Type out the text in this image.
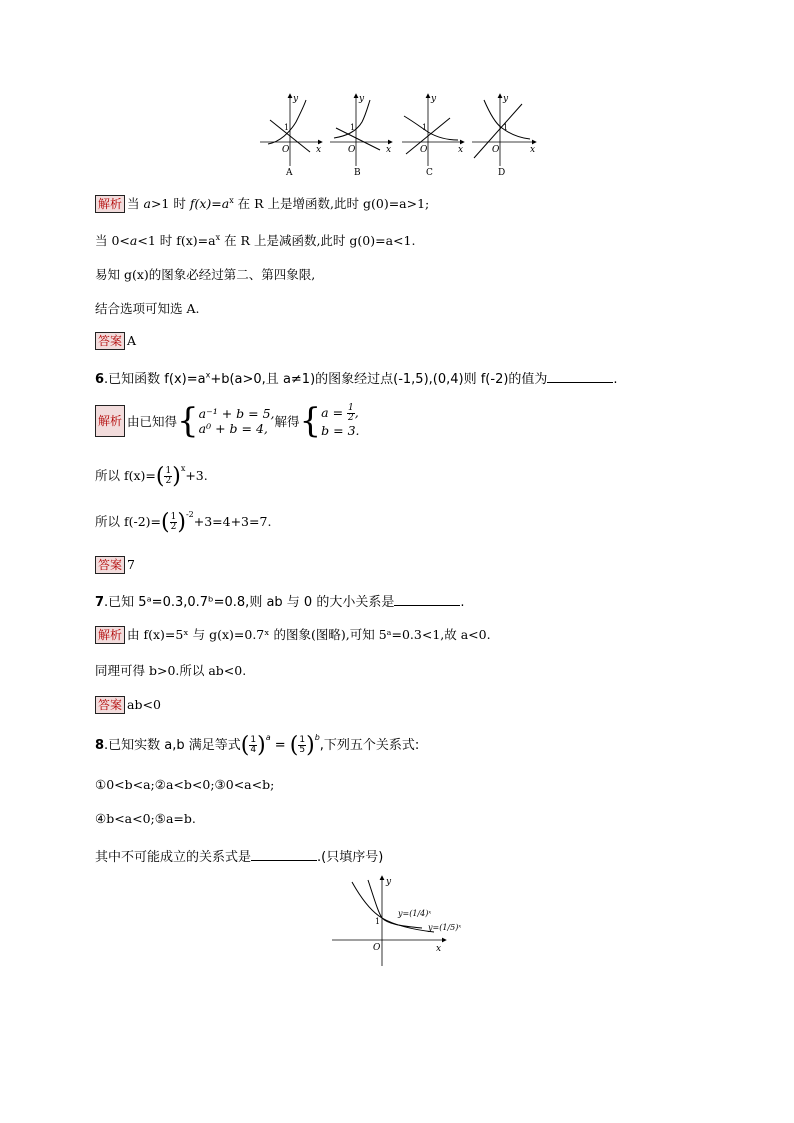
1
O	x
y
A
1
O	x
y
B
1
O	x
y
C
1
O	x
y
D
解析 当 a>1 时 $f(x)=a^x$ 在 R 上是增函数,此时 g(0)=a>1;
当 0<a<1 时 $f(x)=a^x$ 在 R 上是减函数,此时 g(0)=a<1.
易知 g(x)的图象必经过第二、第四象限,
结合选项可知选 A.
答案 A
6.已知函数 $f(x)=a^x+b(a>0$,且 a≠1)的图象经过点(-1,5),(0,4)则 f(-2)的值为	.
解析 由已知得{ a⁻¹ + b = 5,
a⁰ + b = 4, 解得{ $a = \frac{1}{2}$ ,
b = 3.
所以 $f(x)=( \frac{1}{2} )^x+3$.
所以 $f(-2)=( \frac{1}{2} )^{-2}+3=4+3=7$.
答案 7
7.已知 5ᵃ=0.3,0.7ᵇ=0.8,则 ab 与 0 的大小关系是	.
解析 由 f(x)=5ˣ 与 g(x)=0.7ˣ 的图象(图略),可知 5ᵃ=0.3<1,故 a<0.
同理可得 b>0.所以 ab<0.
答案 ab<0
8.已知实数 a,b 满足等式( $\frac{1}{4} )^a$ = ( $\frac{1}{5} )^b$,下列五个关系式:
①0<b<a;②a<b<0;③0<a<b;
④b<a<0;⑤a=b.
其中不可能成立的关系式是	.(只填序号)
1
O	x
y
y=(1/4)ˣ
y=(1/5)ˣ
